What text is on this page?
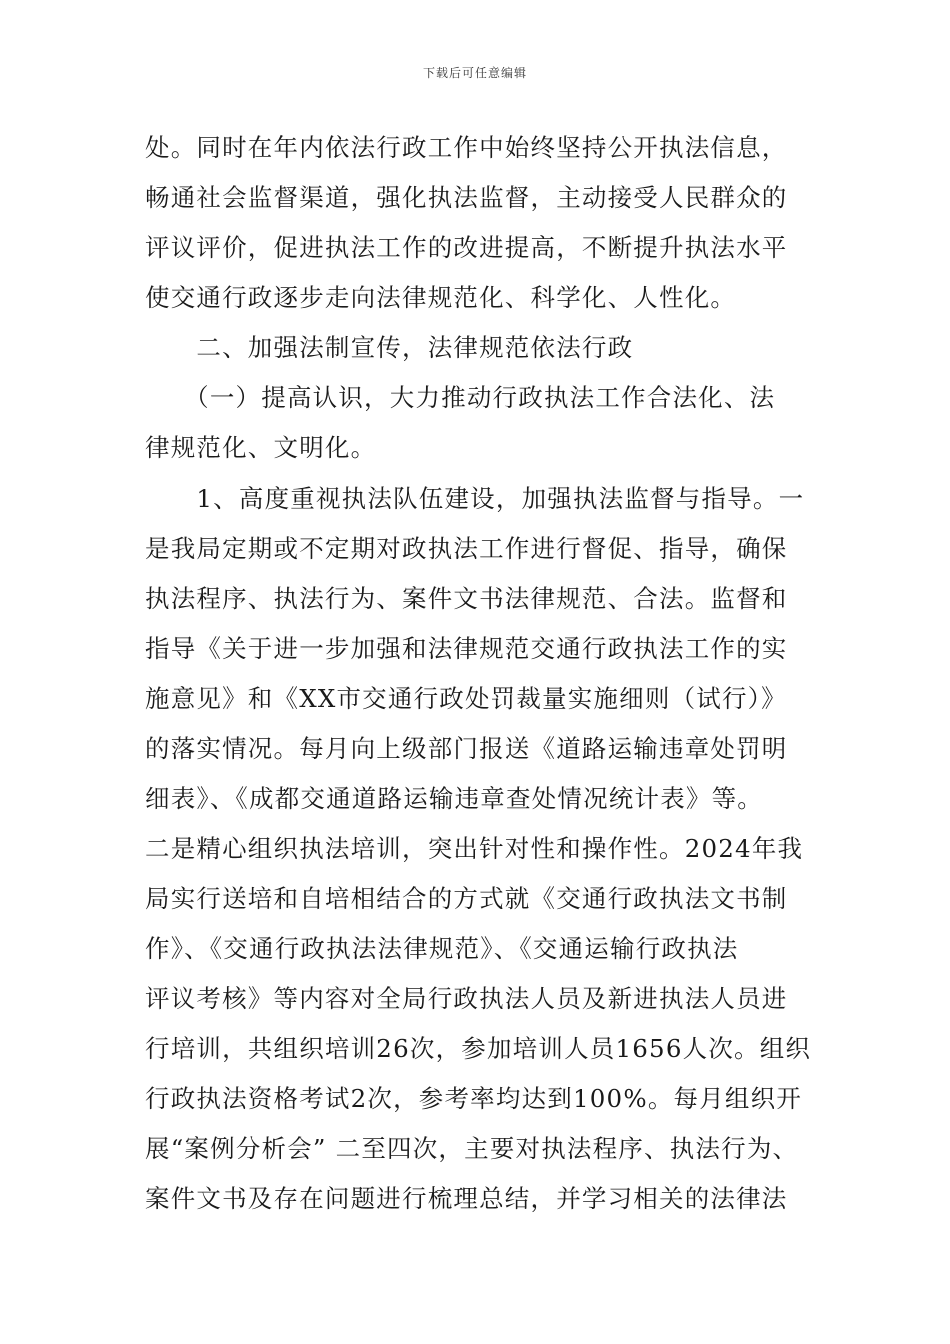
下载后可任意编辑
处。同时在年内依法行政工作中始终坚持公开执法信息，
畅通社会监督渠道，强化执法监督，主动接受人民群众的
评议评价，促进执法工作的改进提高，不断提升执法水平
使交通行政逐步走向法律规范化、科学化、人性化。
　　二、加强法制宣传，法律规范依法行政
　　（一）提高认识，大力推动行政执法工作合法化、法
律规范化、文明化。
　　1、高度重视执法队伍建设，加强执法监督与指导。一
是我局定期或不定期对政执法工作进行督促、指导，确保
执法程序、执法行为、案件文书法律规范、合法。监督和
指导《关于进一步加强和法律规范交通行政执法工作的实
施意见》和《XX市交通行政处罚裁量实施细则（试行）》
的落实情况。每月向上级部门报送《道路运输违章处罚明
细表》、《成都交通道路运输违章查处情况统计表》等。
二是精心组织执法培训，突出针对性和操作性。2024年我
局实行送培和自培相结合的方式就《交通行政执法文书制
作》、《交通行政执法法律规范》、《交通运输行政执法
评议考核》等内容对全局行政执法人员及新进执法人员进
行培训，共组织培训26次，参加培训人员1656人次。组织
行政执法资格考试2次，参考率均达到100%。每月组织开
展“案例分析会” 二至四次，主要对执法程序、执法行为、
案件文书及存在问题进行梳理总结，并学习相关的法律法
